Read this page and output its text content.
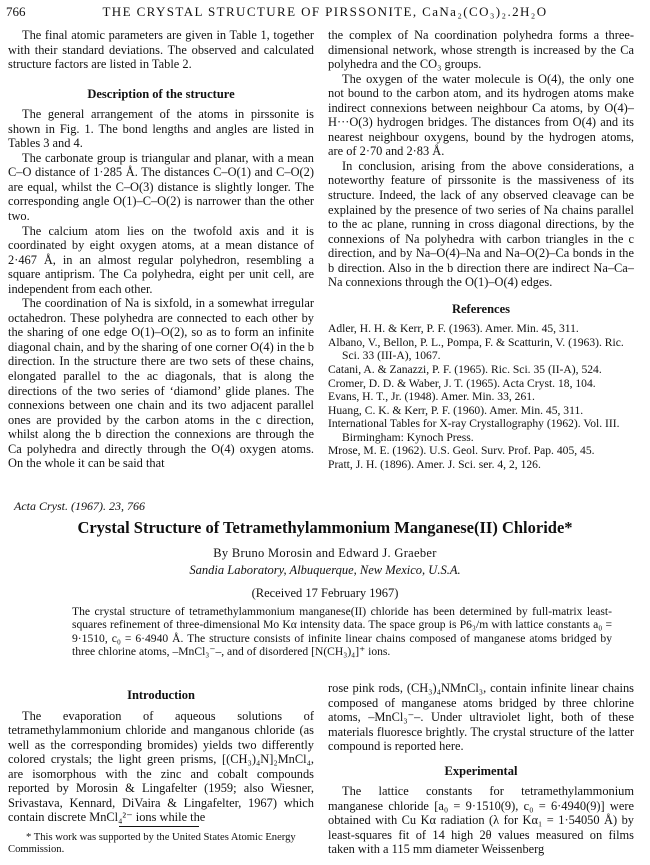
766	THE CRYSTAL STRUCTURE OF PIRSSONITE, CaNa₂(CO₃)₂.2H₂O

The final atomic parameters are given in Table 1, together with their standard deviations. The observed and calculated structure factors are listed in Table 2.

Description of the structure

The general arrangement of the atoms in pirssonite is shown in Fig. 1. The bond lengths and angles are listed in Tables 3 and 4.

The carbonate group is triangular and planar, with a mean C–O distance of 1·285 Å. The distances C–O(1) and C–O(2) are equal, whilst the C–O(3) distance is slightly longer. The corresponding angle O(1)–C–O(2) is narrower than the other two.

The calcium atom lies on the twofold axis and it is coordinated by eight oxygen atoms, at a mean distance of 2·467 Å, in an almost regular polyhedron, resembling a square antiprism. The Ca polyhedra, eight per unit cell, are independent from each other.

The coordination of Na is sixfold, in a somewhat irregular octahedron. These polyhedra are connected to each other by the sharing of one edge O(1)–O(2), so as to form an infinite diagonal chain, and by the sharing of one corner O(4) in the b direction. In the structure there are two sets of these chains, elongated parallel to the ac diagonals, that is along the directions of the two series of ‘diamond’ glide planes. The connexions between one chain and its two adjacent parallel ones are provided by the carbon atoms in the c direction, whilst along the b direction the connexions are through the Ca polyhedra and directly through the O(4) oxygen atoms. On the whole it can be said that

the complex of Na coordination polyhedra forms a three-dimensional network, whose strength is increased by the Ca polyhedra and the CO₃ groups.

The oxygen of the water molecule is O(4), the only one not bound to the carbon atom, and its hydrogen atoms make indirect connexions between neighbour Ca atoms, by O(4)–H···O(3) hydrogen bridges. The distances from O(4) and its nearest neighbour oxygens, bound by the hydrogen atoms, are of 2·70 and 2·83 Å.

In conclusion, arising from the above considerations, a noteworthy feature of pirssonite is the massiveness of its structure. Indeed, the lack of any observed cleavage can be explained by the presence of two series of Na chains parallel to the ac plane, running in cross diagonal directions, by the connexions of Na polyhedra with carbon triangles in the c direction, and by Na–O(4)–Na and Na–O(2)–Ca bonds in the b direction. Also in the b direction there are indirect Na–Ca–Na connexions through the O(1)–O(4) edges.

References

Adler, H. H. & Kerr, P. F. (1963). Amer. Min. 45, 311.

Albano, V., Bellon, P. L., Pompa, F. & Scatturin, V. (1963). Ric. Sci. 33 (III-A), 1067.

Catani, A. & Zanazzi, P. F. (1965). Ric. Sci. 35 (II-A), 524.

Cromer, D. D. & Waber, J. T. (1965). Acta Cryst. 18, 104.

Evans, H. T., Jr. (1948). Amer. Min. 33, 261.

Huang, C. K. & Kerr, P. F. (1960). Amer. Min. 45, 311.

International Tables for X-ray Crystallography (1962). Vol. III. Birmingham: Kynoch Press.

Mrose, M. E. (1962). U.S. Geol. Surv. Prof. Pap. 405, 45.

Pratt, J. H. (1896). Amer. J. Sci. ser. 4, 2, 126.

Acta Cryst. (1967). 23, 766
Crystal Structure of Tetramethylammonium Manganese(II) Chloride*
By Bruno Morosin and Edward J. Graeber
Sandia Laboratory, Albuquerque, New Mexico, U.S.A.
(Received 17 February 1967)
The crystal structure of tetramethylammonium manganese(II) chloride has been determined by full-matrix least-squares refinement of three-dimensional Mo Kα intensity data. The space group is P6₃/m with lattice constants a₀ = 9·1510, c₀ = 6·4940 Å. The structure consists of infinite linear chains composed of manganese atoms bridged by three chlorine atoms, –MnCl₃⁻–, and of disordered [N(CH₃)₄]⁺ ions.
Introduction

The evaporation of aqueous solutions of tetramethylammonium chloride and manganous chloride (as well as the corresponding bromides) yields two differently colored crystals; the light green prisms, [(CH₃)₄N]₂MnCl₄, are isomorphous with the zinc and cobalt compounds reported by Morosin & Lingafelter (1959; also Wiesner, Srivastava, Kennard, DiVaira & Lingafelter, 1967) which contain discrete MnCl₄²⁻ ions while the

rose pink rods, (CH₃)₄NMnCl₃, contain infinite linear chains composed of manganese atoms bridged by three chlorine atoms, –MnCl₃⁻–. Under ultraviolet light, both of these materials fluoresce brightly. The crystal structure of the latter compound is reported here.

Experimental

The lattice constants for tetramethylammonium manganese chloride [a₀ = 9·1510(9), c₀ = 6·4940(9)] were obtained with Cu Kα radiation (λ for Kα₁ = 1·54050 Å) by least-squares fit of 14 high 2θ values measured on films taken with a 115 mm diameter Weissenberg

* This work was supported by the United States Atomic Energy Commission.
